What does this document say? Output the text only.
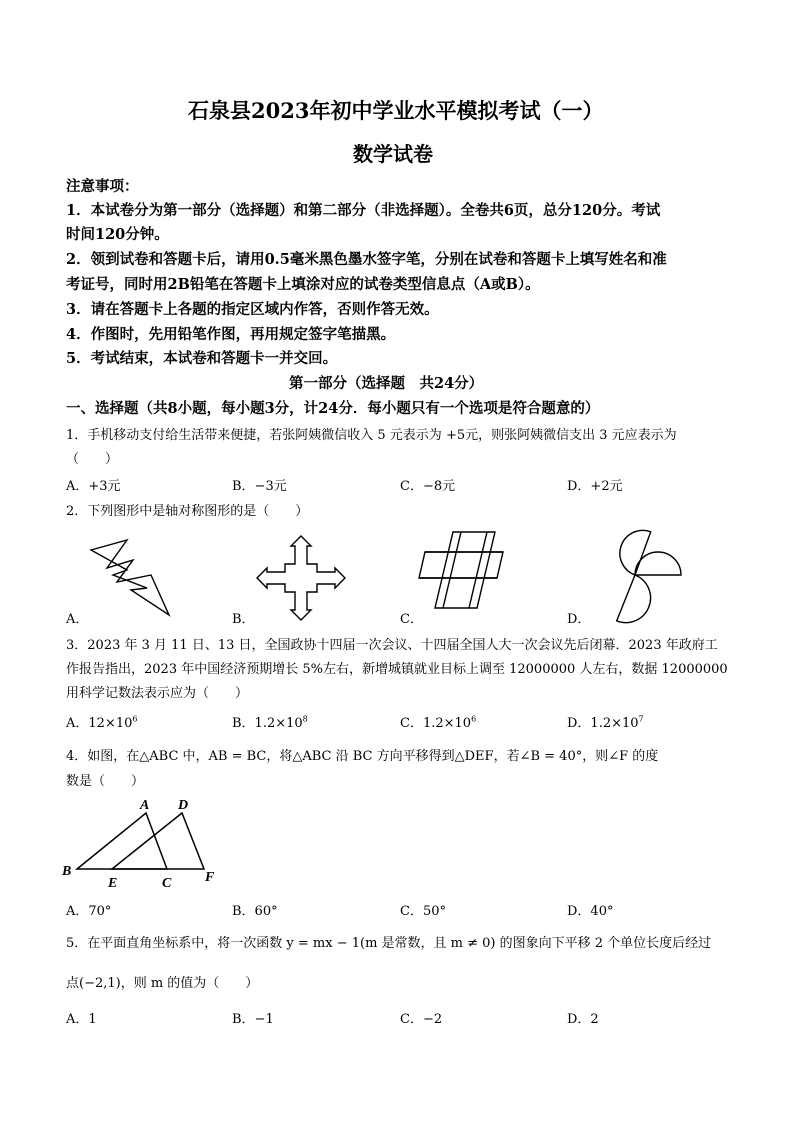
石泉县2023年初中学业水平模拟考试（一）
数学试卷
注意事项：
1．本试卷分为第一部分（选择题）和第二部分（非选择题）。全卷共6页，总分120分。考试
时间120分钟。
2．领到试卷和答题卡后，请用0.5毫米黑色墨水签字笔，分别在试卷和答题卡上填写姓名和准
考证号，同时用2B铅笔在答题卡上填涂对应的试卷类型信息点（A或B）。
3．请在答题卡上各题的指定区域内作答，否则作答无效。
4．作图时，先用铅笔作图，再用规定签字笔描黑。
5．考试结束，本试卷和答题卡一并交回。
第一部分（选择题　共24分）
一、选择题（共8小题，每小题3分，计24分．每小题只有一个选项是符合题意的）
1．手机移动支付给生活带来便捷，若张阿姨微信收入 5 元表示为 +5元，则张阿姨微信支出 3 元应表示为
（　　）
A．+3元	B．−3元	C．−8元	D．+2元
2．下列图形中是轴对称图形的是（　　）
A．	B．	C．	D．
3．2023 年 3 月 11 日、13 日，全国政协十四届一次会议、十四届全国人大一次会议先后闭幕．2023 年政府工
作报告指出，2023 年中国经济预期增长 5%左右，新增城镇就业目标上调至 12000000 人左右，数据 12000000
用科学记数法表示应为（　　）
A．$12\times 10^6$	B．$1.2\times 10^8$	C．$1.2\times 10^6$	D．$1.2\times 10^7$
4．如图，在△ABC 中，AB = BC，将△ABC 沿 BC 方向平移得到△DEF，若∠B = 40°，则∠F 的度
数是（　　）
A D
B
E	C F
A．70°	B．60°	C．50°	D．40°
5．在平面直角坐标系中，将一次函数 y = mx − 1(m 是常数，且 m ≠ 0) 的图象向下平移 2 个单位长度后经过
点(−2,1)，则 m 的值为（　　）
A．1	B．−1	C．−2	D．2
